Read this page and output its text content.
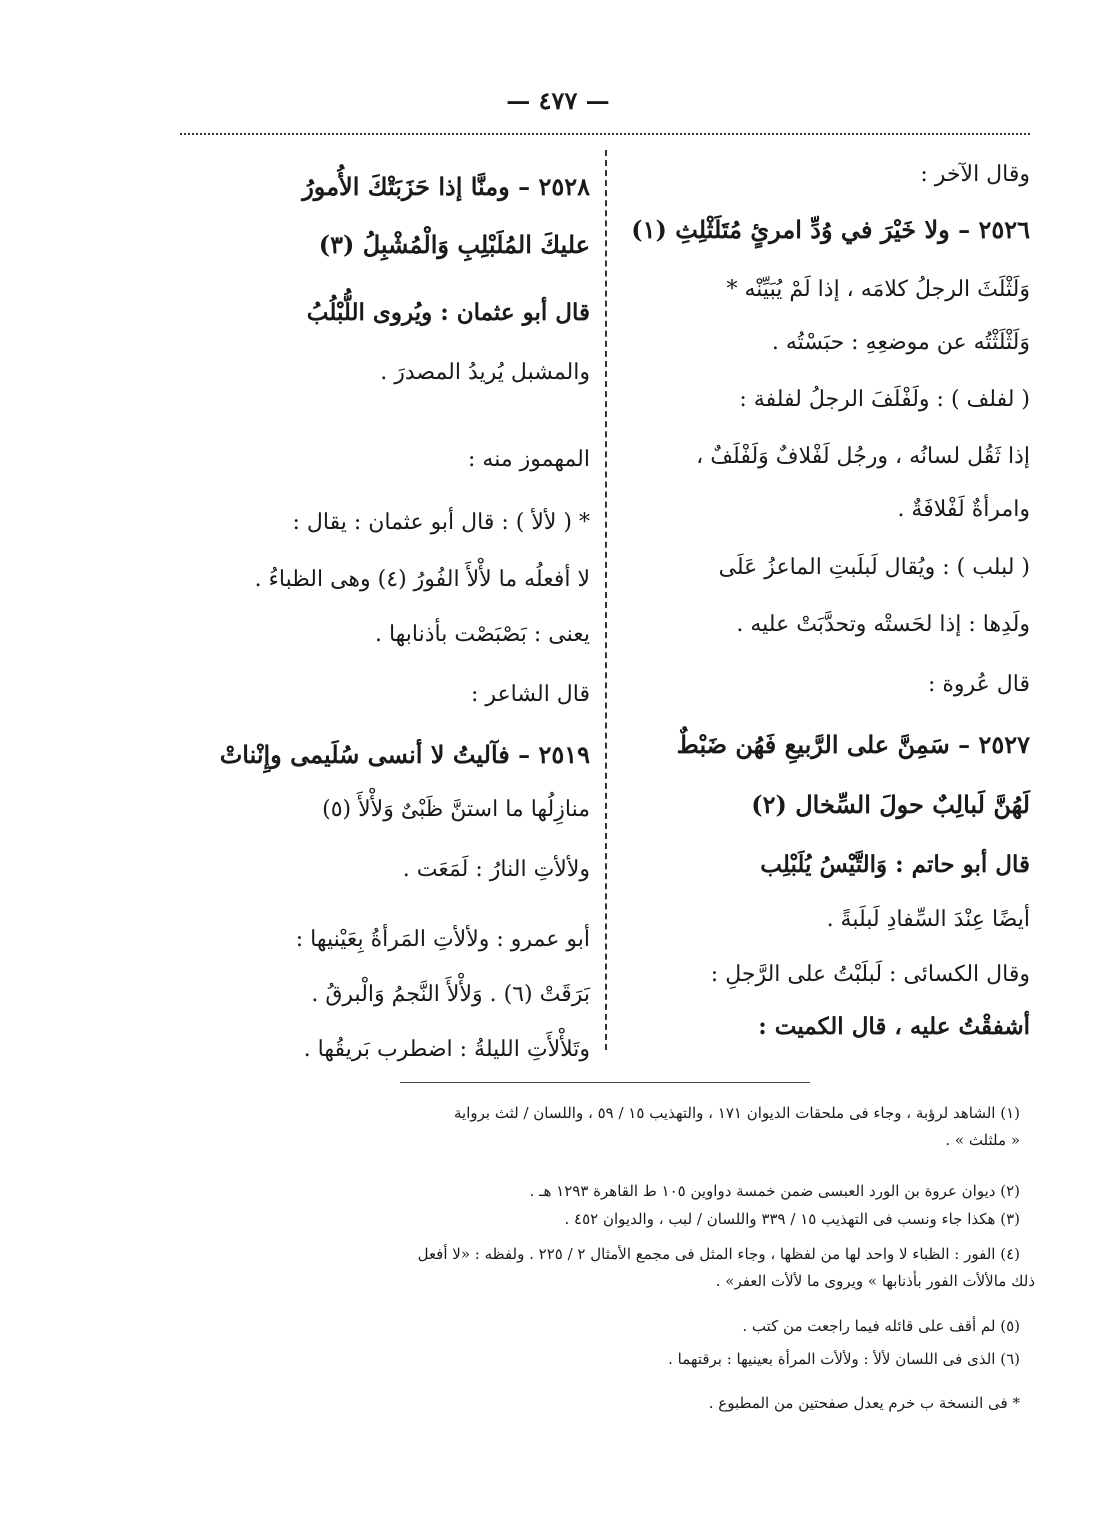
— ٤٧٧ —
وقال الآخر :
٢٥٢٦ – ولا خَيْرَ في وُدِّ امرئٍ مُتَلَثْلِثِ (١)
وَلَثْلَثَ الرجلُ كلامَه ، إذا لَمْ يُبَيِّنْه *
وَلَثْلَثْتُه عن موضعِهِ : حبَسْتُه .
( لفلف ) : ولَفْلَفَ الرجلُ لفلفة :
إذا ثَقُل لسانُه ، ورجُل لَفْلافٌ وَلَفْلَفٌ ،
وامرأةٌ لَفْلافَةٌ .
( لبلب ) : ويُقال لَبلَبتِ الماعزُ عَلَى
ولَدِها : إذا لحَستْه وتحدَّبَتْ عليه .
قال عُروة :
٢٥٢٧ – سَمِنَّ على الرَّبيعِ فَهُن ضَبْطٌ
لَهُنَّ لَبالِبٌ حولَ السِّخال (٢)
قال أبو حاتم : وَالتَّيْسُ يُلَبْلِب
أيضًا عِنْدَ السِّفادِ لَبلَبةً .
وقال الكسائى : لَبلَبْتُ على الرَّجلِ :
أشفقْتُ عليه ، قال الكميت :
٢٥٢٨ – ومنَّا إذا حَزَبَتْكَ الأُمورُ
عليكَ المُلَبْلِبِ وَالْمُشْبِلُ (٣)
قال أبو عثمان : ويُروى اللُّبْلُبُ
والمشبل يُريدُ المصدرَ .
المهموز منه :
* ( لألأ ) : قال أبو عثمان : يقال :
لا أفعلُه ما لأْلأَ الفُورُ (٤) وهى الظباءُ .
يعنى : بَصْبَصْت بأذنابها .
قال الشاعر :
٢٥١٩ – فآليتُ لا أنسى سُلَيمى وإِنْناتْ
منازِلُها ما استنَّ ظَبْىٌ وَلأْلأَ (٥)
ولألأتِ النارُ : لَمَعَت .
أبو عمرو : ولألأتِ المَرأةُ بِعَيْنيها :
بَرَقَتْ (٦) . وَلأْلأَ النَّجمُ وَالْبرقُ .
وتَلأْلأَتِ الليلةُ : اضطرب بَريقُها .
(١) الشاهد لرؤبة ، وجاء فى ملحقات الديوان ١٧١ ، والتهذيب ١٥ / ٥٩ ، واللسان / لثث برواية
« ملثلث » .
(٢) ديوان عروة بن الورد العبسى ضمن خمسة دواوين ١٠٥ ط القاهرة ١٢٩٣ هـ .
(٣) هكذا جاء ونسب فى التهذيب ١٥ / ٣٣٩ واللسان / لبب ، والديوان ٤٥٢ .
(٤) الفور : الظباء لا واحد لها من لفظها ، وجاء المثل فى مجمع الأمثال ٢ / ٢٢٥ . ولفظه : «لا أفعل
ذلك مالألأت الفور بأذنابها » ويروى ما لألأت العفر» .
(٥) لم أقف على قائله فيما راجعت من كتب .
(٦) الذى فى اللسان لألأ : ولألأت المرأة بعينيها : برقتهما .
* فى النسخة ب خرم يعدل صفحتين من المطبوع .
